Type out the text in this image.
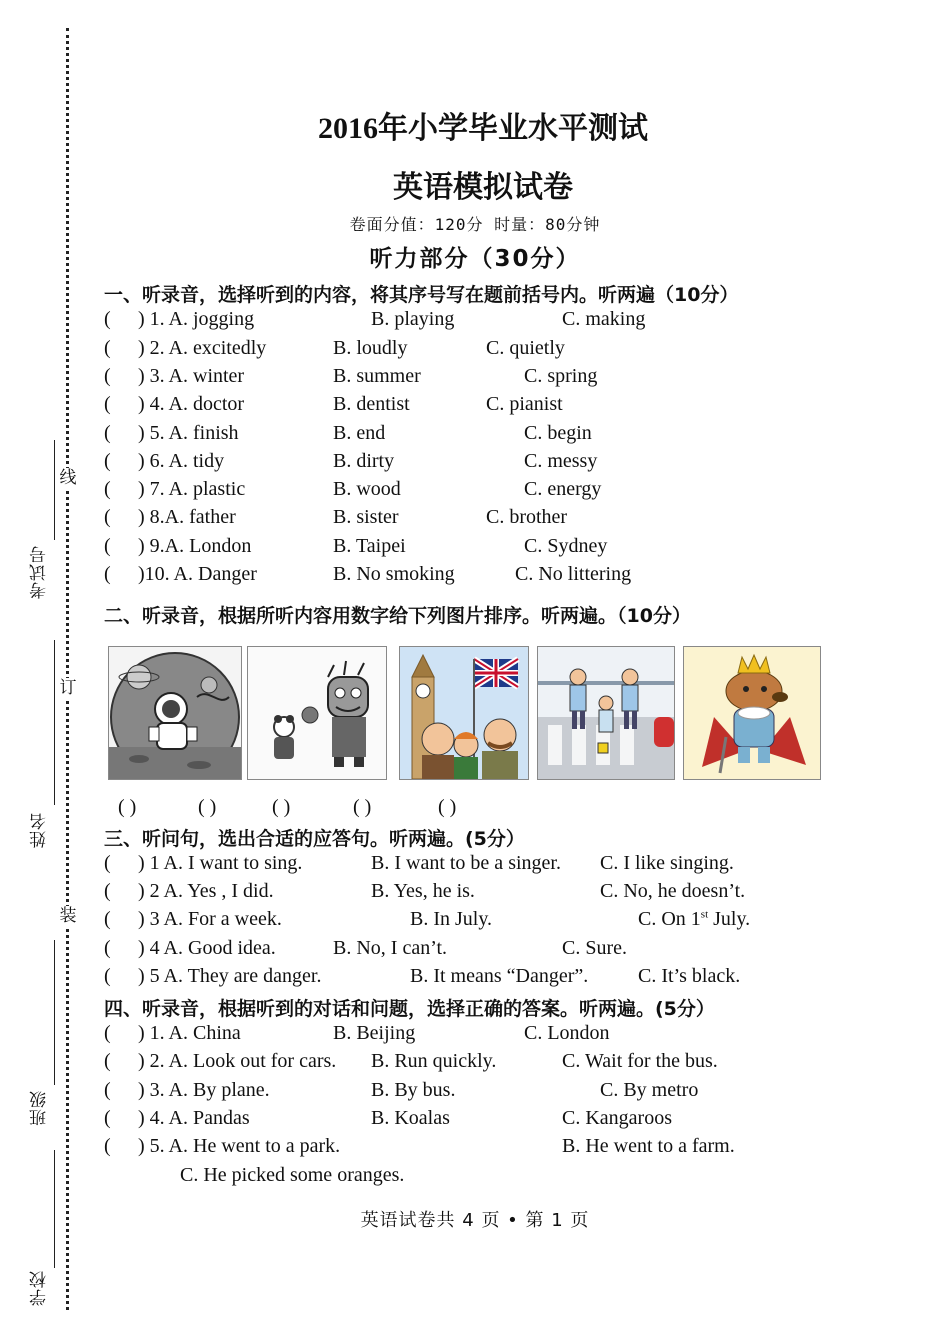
线
订
装
考试号
姓名
班级
学校
2016年小学毕业水平测试
英语模拟试卷
卷面分值：120分 时量：80分钟
听力部分（30分）
一、听录音，选择听到的内容，将其序号写在题前括号内。听两遍（10分）
( ) 1. A. jogging	B. playing	C. making
( ) 2. A. excitedly	B. loudly	C. quietly
( ) 3. A. winter	B. summer	C. spring
( ) 4. A. doctor	B. dentist	C. pianist
( ) 5. A. finish	B. end	C. begin
( ) 6. A. tidy	B. dirty	C. messy
( ) 7. A. plastic	B. wood	C. energy
( ) 8.A. father	B. sister	C. brother
( ) 9.A. London	B. Taipei	C. Sydney
( )10. A. Danger	B. No smoking	C. No littering
二、听录音，根据所听内容用数字给下列图片排序。听两遍。（10分）
( )	( )	( )	( )	( )
三、听问句，选出合适的应答句。听两遍。(5分）
( ) 1 A. I want to sing.	B. I want to be a singer. C. I like singing.
( ) 2 A. Yes , I did.	B. Yes, he is.	C. No, he doesn’t.
( ) 3 A. For a week.	B. In July.	C. On 1st July.
( ) 4 A. Good idea.	B. No, I can’t.	C. Sure.
( ) 5 A. They are danger.	B. It means “Danger”. C. It’s black.
四、听录音，根据听到的对话和问题，选择正确的答案。听两遍。(5分）
( ) 1. A. China	B. Beijing	C. London
( ) 2. A. Look out for cars. B. Run quickly.	C. Wait for the bus.
( ) 3. A. By plane.	B. By bus.	C. By metro
( ) 4. A. Pandas	B. Koalas	C. Kangaroos
( ) 5. A. He went to a park.	B. He went to a farm.
C. He picked some oranges.
英语试卷共 4 页 • 第 1 页
